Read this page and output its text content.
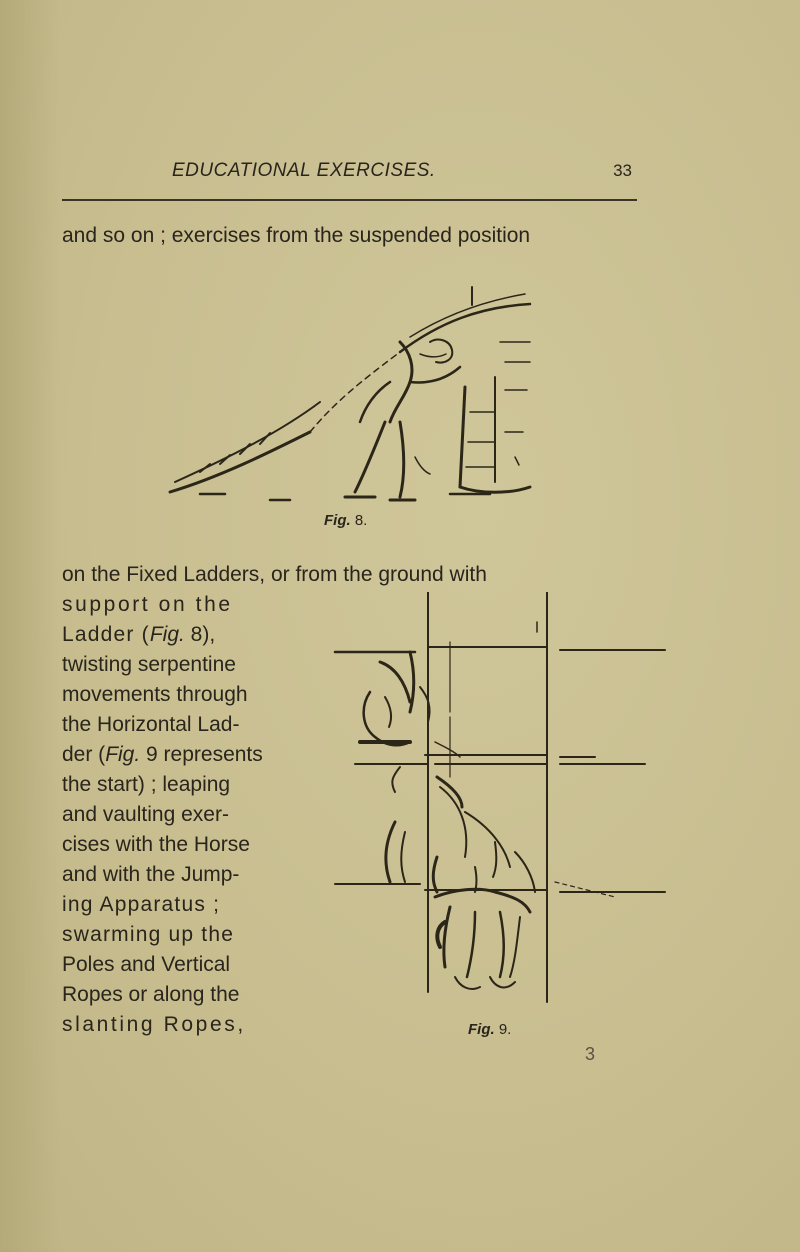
EDUCATIONAL EXERCISES.	33
and so on ; exercises from the suspended position
Fig. 8.
on the Fixed Ladders, or from the ground with
support on the
Ladder (Fig. 8),
twisting serpentine
movements through
the Horizontal Lad-
der (Fig. 9 represents
the start) ; leaping
and vaulting exer-
cises with the Horse
and with the Jump-
ing Apparatus ;
swarming up the
Poles and Vertical
Ropes or along the
slanting Ropes,	Fig. 9.
3
